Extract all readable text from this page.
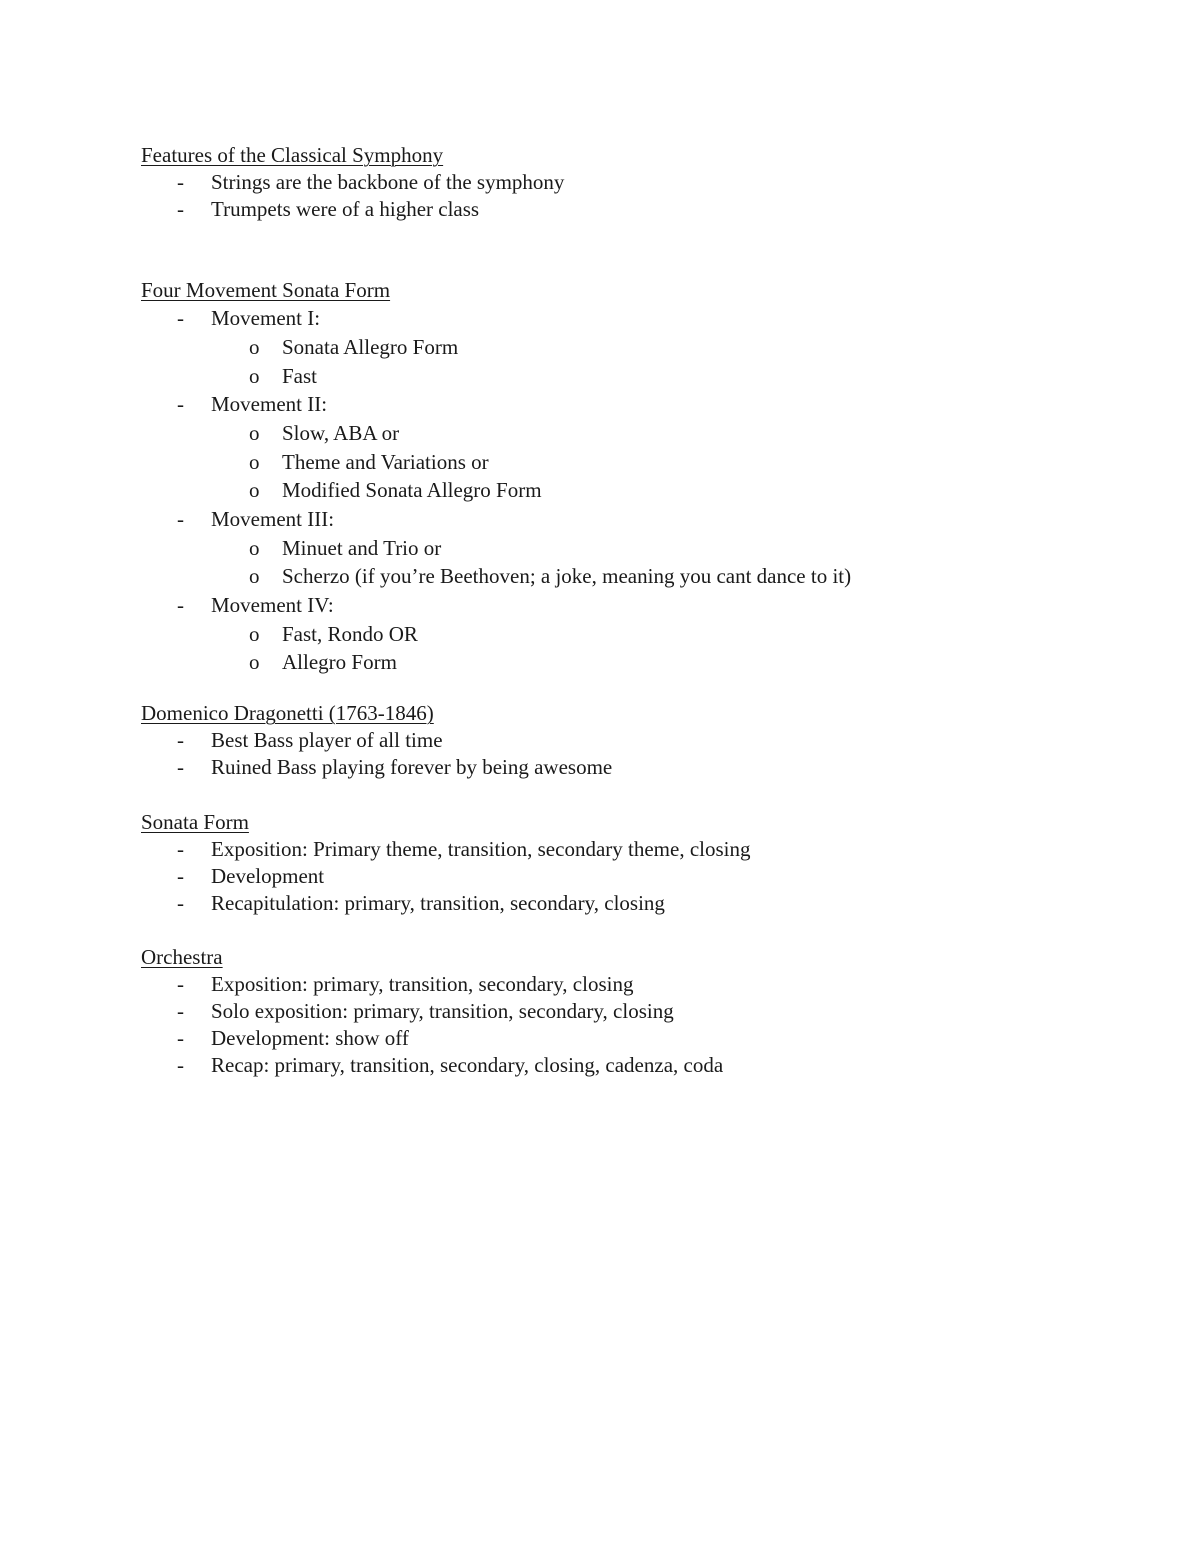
Features of the Classical Symphony
- Strings are the backbone of the symphony
- Trumpets were of a higher class
Four Movement Sonata Form
- Movement I:
o Sonata Allegro Form
o Fast
- Movement II:
o Slow, ABA or
o Theme and Variations or
o Modified Sonata Allegro Form
- Movement III:
o Minuet and Trio or
o Scherzo (if you’re Beethoven; a joke, meaning you cant dance to it)
- Movement IV:
o Fast, Rondo OR
o Allegro Form
Domenico Dragonetti (1763-1846)
- Best Bass player of all time
- Ruined Bass playing forever by being awesome
Sonata Form
- Exposition: Primary theme, transition, secondary theme, closing
- Development
- Recapitulation: primary, transition, secondary, closing
Orchestra
- Exposition: primary, transition, secondary, closing
- Solo exposition: primary, transition, secondary, closing
- Development: show off
- Recap: primary, transition, secondary, closing, cadenza, coda
